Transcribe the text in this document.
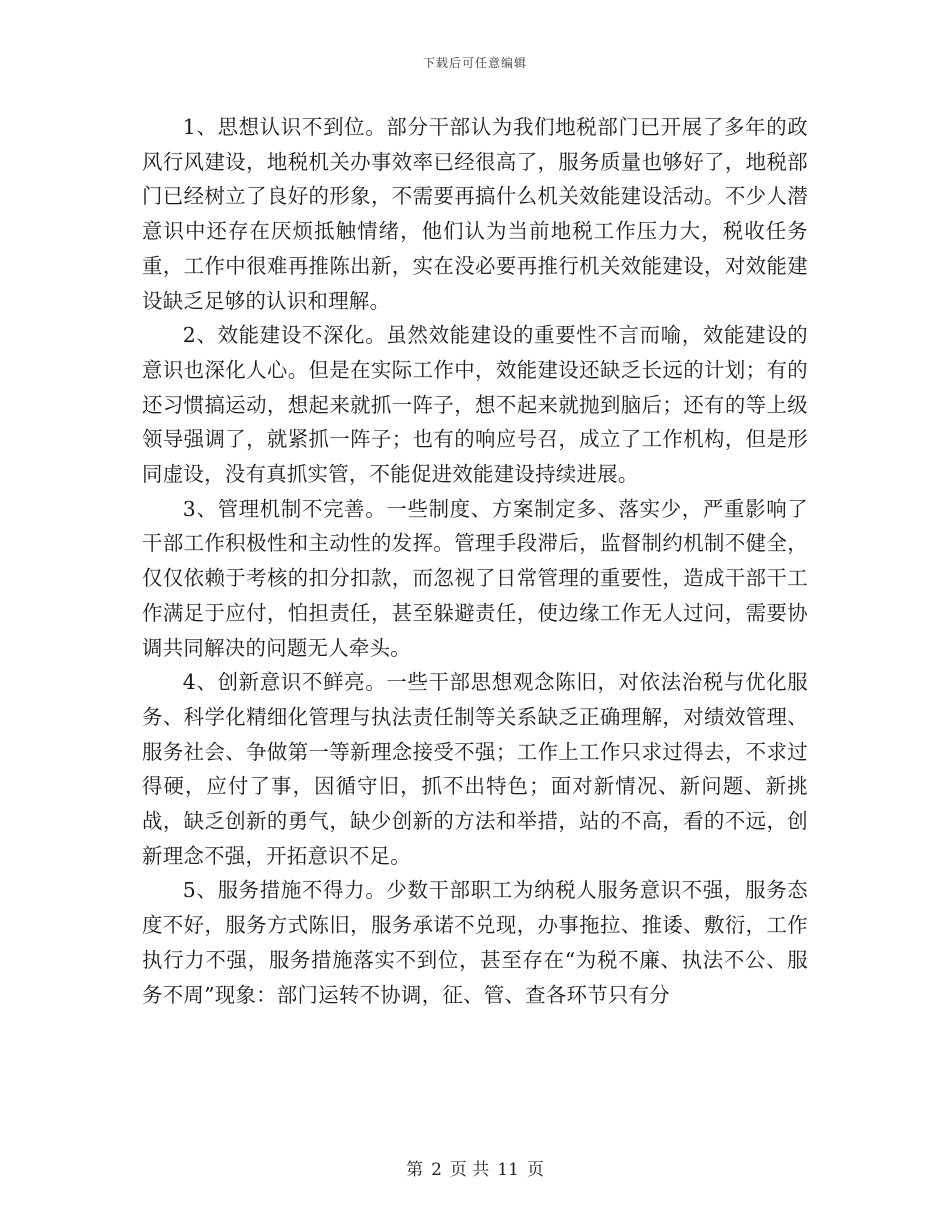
下载后可任意编辑

1、思想认识不到位。部分干部认为我们地税部门已开展了多年的政风行风建设，地税机关办事效率已经很高了，服务质量也够好了，地税部门已经树立了良好的形象，不需要再搞什么机关效能建设活动。不少人潜意识中还存在厌烦抵触情绪，他们认为当前地税工作压力大，税收任务重，工作中很难再推陈出新，实在没必要再推行机关效能建设，对效能建设缺乏足够的认识和理解。

2、效能建设不深化。虽然效能建设的重要性不言而喻，效能建设的意识也深化人心。但是在实际工作中，效能建设还缺乏长远的计划；有的还习惯搞运动，想起来就抓一阵子，想不起来就抛到脑后；还有的等上级领导强调了，就紧抓一阵子；也有的响应号召，成立了工作机构，但是形同虚设，没有真抓实管，不能促进效能建设持续进展。

3、管理机制不完善。一些制度、方案制定多、落实少，严重影响了干部工作积极性和主动性的发挥。管理手段滞后，监督制约机制不健全，仅仅依赖于考核的扣分扣款，而忽视了日常管理的重要性，造成干部干工作满足于应付，怕担责任，甚至躲避责任，使边缘工作无人过问，需要协调共同解决的问题无人牵头。

4、创新意识不鲜亮。一些干部思想观念陈旧，对依法治税与优化服务、科学化精细化管理与执法责任制等关系缺乏正确理解，对绩效管理、服务社会、争做第一等新理念接受不强；工作上工作只求过得去，不求过得硬，应付了事，因循守旧，抓不出特色；面对新情况、新问题、新挑战，缺乏创新的勇气，缺少创新的方法和举措，站的不高，看的不远，创新理念不强，开拓意识不足。

5、服务措施不得力。少数干部职工为纳税人服务意识不强，服务态度不好，服务方式陈旧，服务承诺不兑现，办事拖拉、推诿、敷衍，工作执行力不强，服务措施落实不到位，甚至存在“为税不廉、执法不公、服务不周”现象：部门运转不协调，征、管、查各环节只有分

第 2 页 共 11 页
